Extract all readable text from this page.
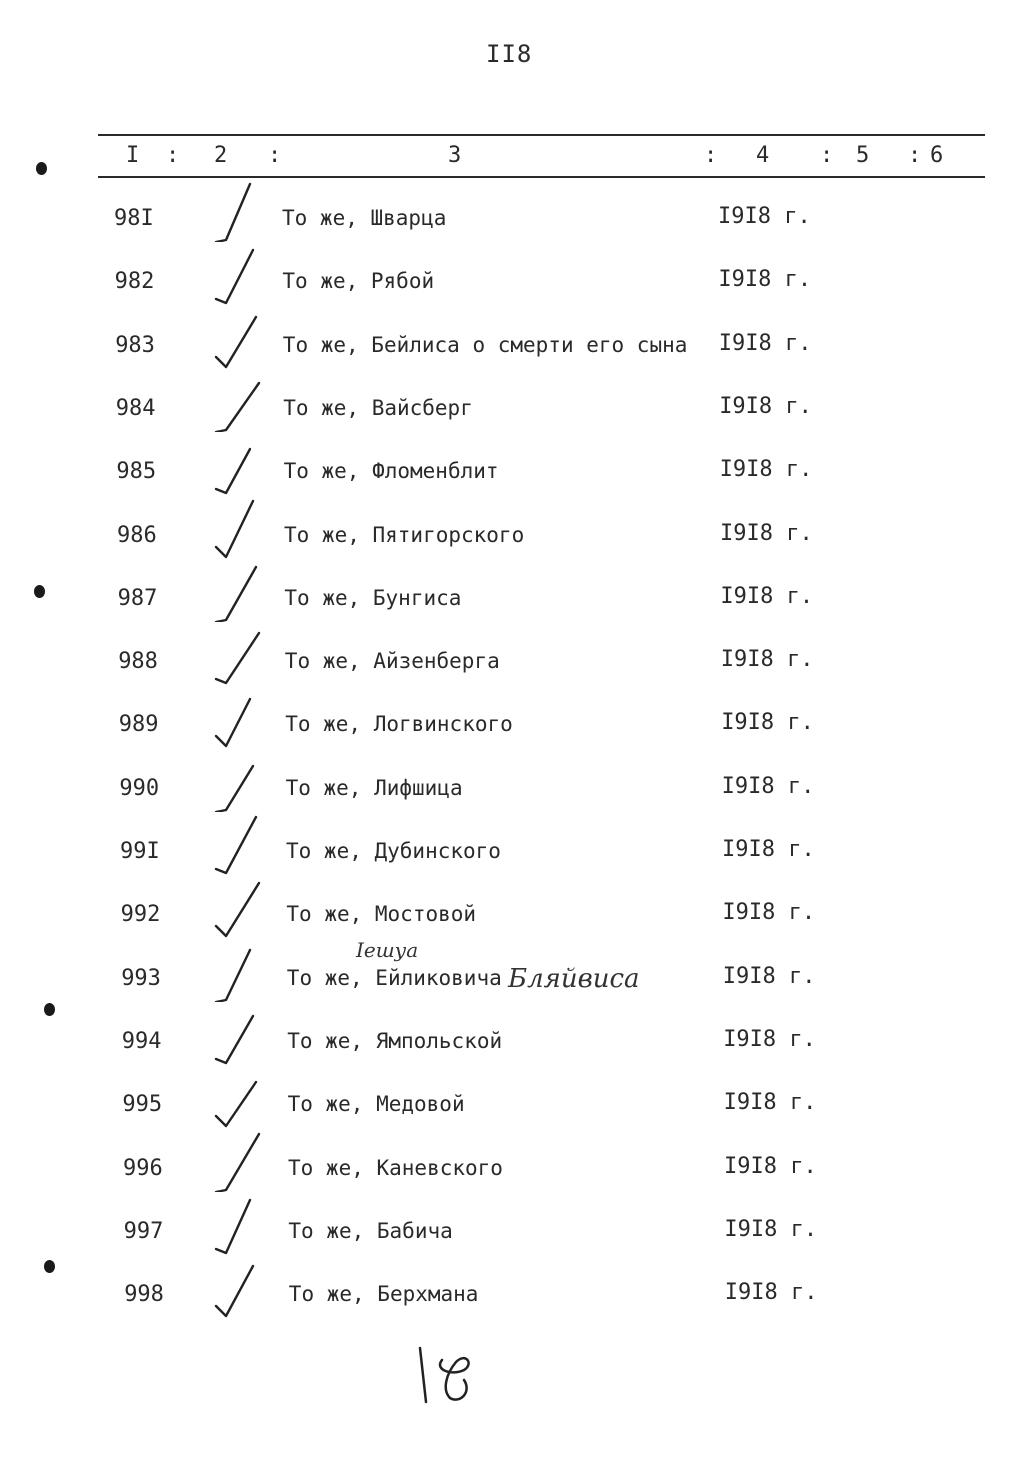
II8
I : 2 :	3	: 4 : 5 : 6
98I	То же, Шварца	I9I8 г.
982	То же, Рябой	I9I8 г.
983	То же, Бейлиса о смерти его сына I9I8 г.
984	То же, Вайсберг	I9I8 г.
985	То же, Фломенблит	I9I8 г.
986	То же, Пятигорского	I9I8 г.
987	То же, Бунгиса	I9I8 г.
988	То же, Айзенберга	I9I8 г.
989	То же, Логвинского	I9I8 г.
990	То же, Лифшица	I9I8 г.
99I	То же, Дубинского	I9I8 г.
992	То же, Мостовой	I9I8 г.
993	То же, Ейликовича	I9I8 г.
994	То же, Ямпольской	I9I8 г.
995	То же, Медовой	I9I8 г.
996	То же, Каневского	I9I8 г.
997	То же, Бабича	I9I8 г.
998	То же, Берхмана	I9I8 г.
Іешуа
Бляйвиса
